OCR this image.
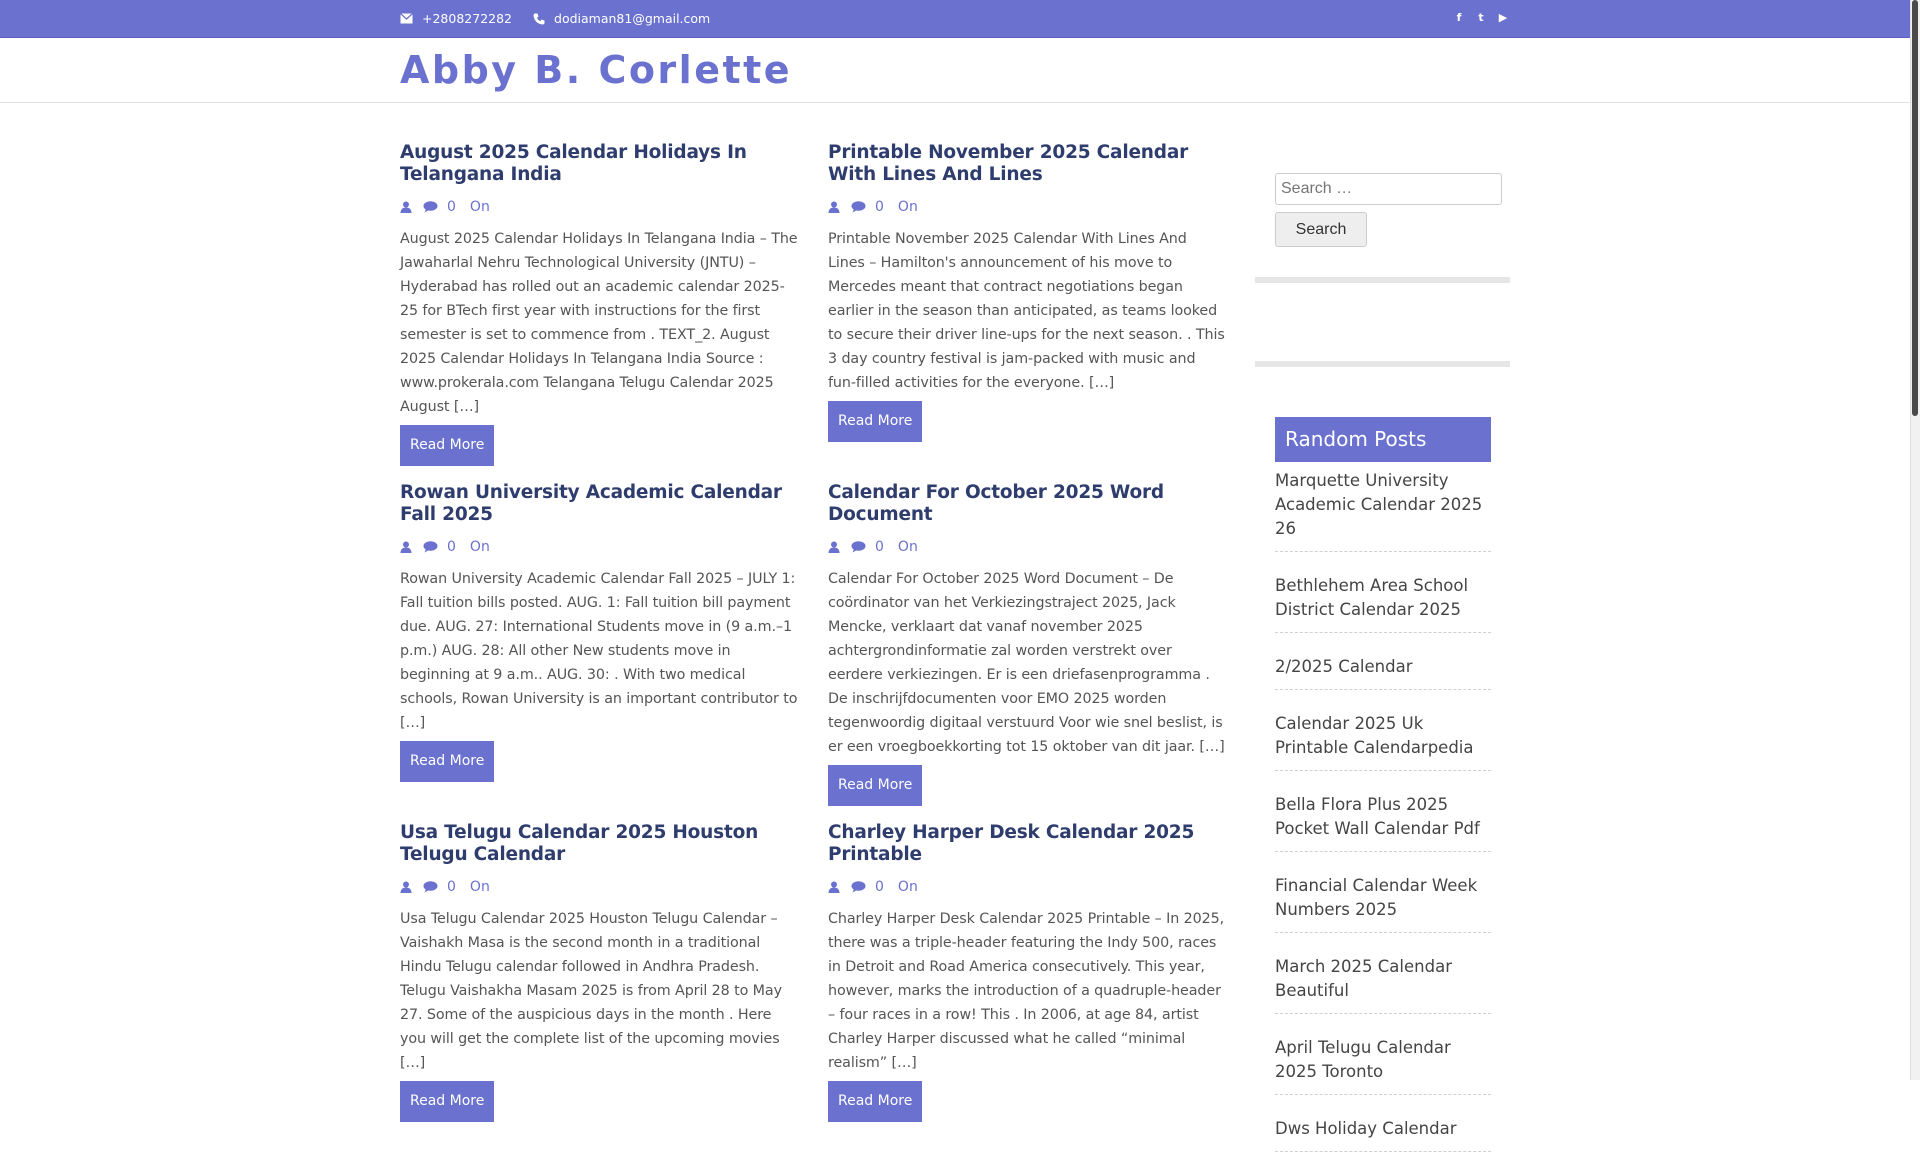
+2808272282	dodiaman81@gmail.com	f t ▶
Abby B. Corlette
August 2025 Calendar Holidays In Telangana India
0 On

August 2025 Calendar Holidays In Telangana India – The Jawaharlal Nehru Technological University (JNTU) – Hyderabad has rolled out an academic calendar 2025-25 for BTech first year with instructions for the first semester is set to commence from . TEXT_2. August 2025 Calendar Holidays In Telangana India Source : www.prokerala.com Telangana Telugu Calendar 2025 August […]

Read More
Printable November 2025 Calendar With Lines And Lines
0 On

Printable November 2025 Calendar With Lines And Lines – Hamilton's announcement of his move to Mercedes meant that contract negotiations began earlier in the season than anticipated, as teams looked to secure their driver line-ups for the next season. . This 3 day country festival is jam-packed with music and fun-filled activities for the everyone. […]

Read More
Rowan University Academic Calendar Fall 2025
0 On

Rowan University Academic Calendar Fall 2025 – JULY 1: Fall tuition bills posted. AUG. 1: Fall tuition bill payment due. AUG. 27: International Students move in (9 a.m.–1 p.m.) AUG. 28: All other New students move in beginning at 9 a.m.. AUG. 30: . With two medical schools, Rowan University is an important contributor to […]

Read More
Calendar For October 2025 Word Document
0 On

Calendar For October 2025 Word Document – De coördinator van het Verkiezingstraject 2025, Jack Mencke, verklaart dat vanaf november 2025 achtergrondinformatie zal worden verstrekt over eerdere verkiezingen. Er is een driefasenprogramma . De inschrijfdocumenten voor EMO 2025 worden tegenwoordig digitaal verstuurd Voor wie snel beslist, is er een vroegboekkorting tot 15 oktober van dit jaar. […]

Read More
Usa Telugu Calendar 2025 Houston Telugu Calendar
0 On

Usa Telugu Calendar 2025 Houston Telugu Calendar – Vaishakh Masa is the second month in a traditional Hindu Telugu calendar followed in Andhra Pradesh. Telugu Vaishakha Masam 2025 is from April 28 to May 27. Some of the auspicious days in the month . Here you will get the complete list of the upcoming movies […]

Read More
Charley Harper Desk Calendar 2025 Printable
0 On

Charley Harper Desk Calendar 2025 Printable – In 2025, there was a triple-header featuring the Indy 500, races in Detroit and Road America consecutively. This year, however, marks the introduction of a quadruple-header – four races in a row! This . In 2006, at age 84, artist Charley Harper discussed what he called “minimal realism” […]

Read More
Search …
Search
Random Posts
Marquette University Academic Calendar 2025 26
Bethlehem Area School District Calendar 2025
2/2025 Calendar
Calendar 2025 Uk Printable Calendarpedia
Bella Flora Plus 2025 Pocket Wall Calendar Pdf
Financial Calendar Week Numbers 2025
March 2025 Calendar Beautiful
April Telugu Calendar 2025 Toronto
Dws Holiday Calendar
